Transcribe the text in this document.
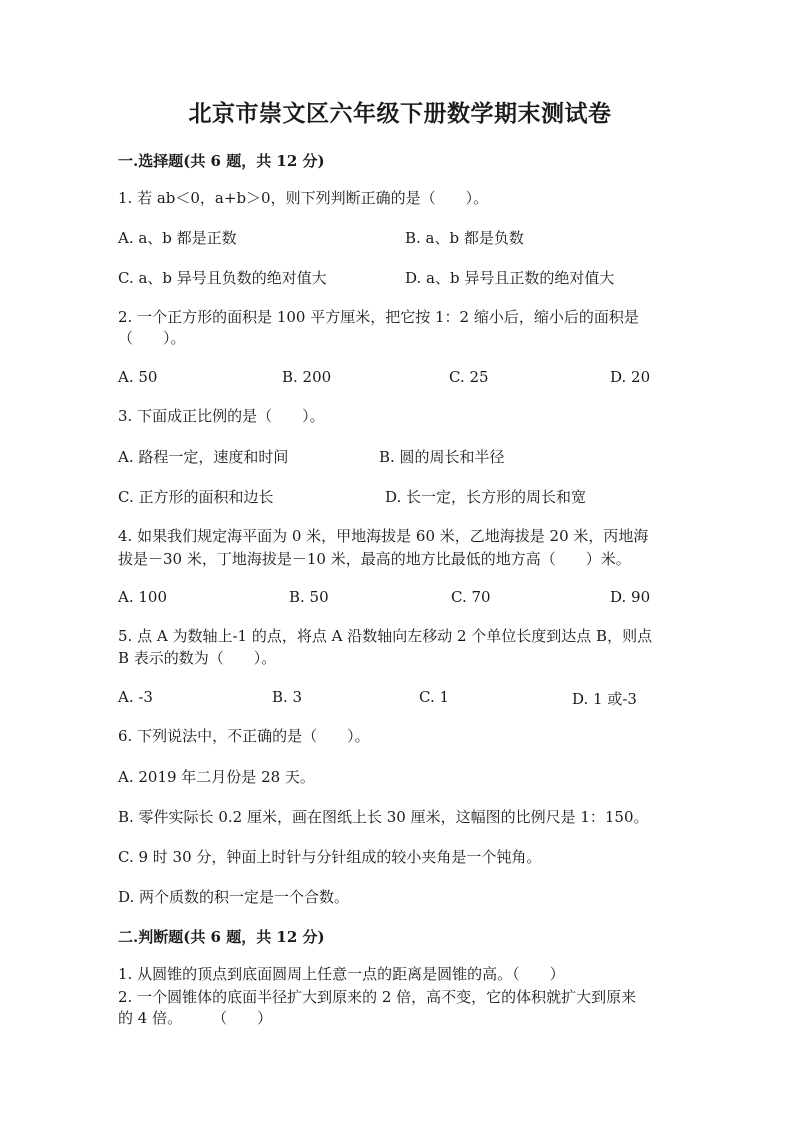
北京市崇文区六年级下册数学期末测试卷
一.选择题(共 6 题，共 12 分)
1. 若 ab＜0，a+b＞0，则下列判断正确的是（　　）。
A. a、b 都是正数	B. a、b 都是负数
C. a、b 异号且负数的绝对值大	D. a、b 异号且正数的绝对值大
2. 一个正方形的面积是 100 平方厘米，把它按 1：2 缩小后，缩小后的面积是
（　　）。
A. 50	B. 200	C. 25	D. 20
3. 下面成正比例的是（　　）。
A. 路程一定，速度和时间	B. 圆的周长和半径
C. 正方形的面积和边长	D. 长一定，长方形的周长和宽
4. 如果我们规定海平面为 0 米，甲地海拔是 60 米，乙地海拔是 20 米，丙地海
拔是－30 米，丁地海拔是－10 米，最高的地方比最低的地方高（　　）米。
A. 100	B. 50	C. 70	D. 90
5. 点 A 为数轴上-1 的点，将点 A 沿数轴向左移动 2 个单位长度到达点 B，则点
B 表示的数为（　　）。
A. -3	B. 3	C. 1	D. 1 或-3
6. 下列说法中，不正确的是（　　）。
A. 2019 年二月份是 28 天。
B. 零件实际长 0.2 厘米，画在图纸上长 30 厘米，这幅图的比例尺是 1：150。
C. 9 时 30 分，钟面上时针与分针组成的较小夹角是一个钝角。
D. 两个质数的积一定是一个合数。
二.判断题(共 6 题，共 12 分)
1. 从圆锥的顶点到底面圆周上任意一点的距离是圆锥的高。（　　）
2. 一个圆锥体的底面半径扩大到原来的 2 倍，高不变，它的体积就扩大到原来
的 4 倍。　　　（　　）
